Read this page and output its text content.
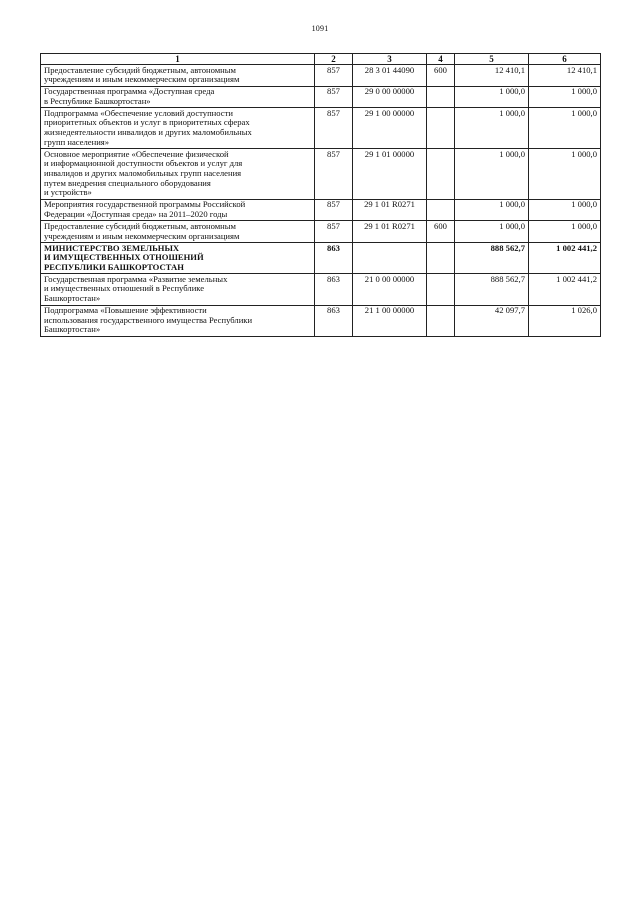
1091
1	2	3	4	5	6
Предоставление субсидий бюджетным, автономным
учреждениям и иным некоммерческим организациям	857	28 3 01 44090	600	12 410,1	12 410,1
Государственная программа «Доступная среда
в Республике Башкортостан»	857	29 0 00 00000		1 000,0	1 000,0
Подпрограмма «Обеспечение условий доступности
приоритетных объектов и услуг в приоритетных сферах
жизнедеятельности инвалидов и других маломобильных
групп населения»	857	29 1 00 00000		1 000,0	1 000,0
Основное мероприятие «Обеспечение физической
и информационной доступности объектов и услуг для
инвалидов и других маломобильных групп населения
путем внедрения специального оборудования
и устройств»	857	29 1 01 00000		1 000,0	1 000,0
Мероприятия государственной программы Российской
Федерации «Доступная среда» на 2011–2020 годы	857	29 1 01 R0271		1 000,0	1 000,0
Предоставление субсидий бюджетным, автономным
учреждениям и иным некоммерческим организациям	857	29 1 01 R0271	600	1 000,0	1 000,0
МИНИСТЕРСТВО ЗЕМЕЛЬНЫХ
И ИМУЩЕСТВЕННЫХ ОТНОШЕНИЙ
РЕСПУБЛИКИ БАШКОРТОСТАН	863			888 562,7	1 002 441,2
Государственная программа «Развитие земельных
и имущественных отношений в Республике
Башкортостан»	863	21 0 00 00000		888 562,7	1 002 441,2
Подпрограмма «Повышение эффективности
использования государственного имущества Республики
Башкортостан»	863	21 1 00 00000		42 097,7	1 026,0
